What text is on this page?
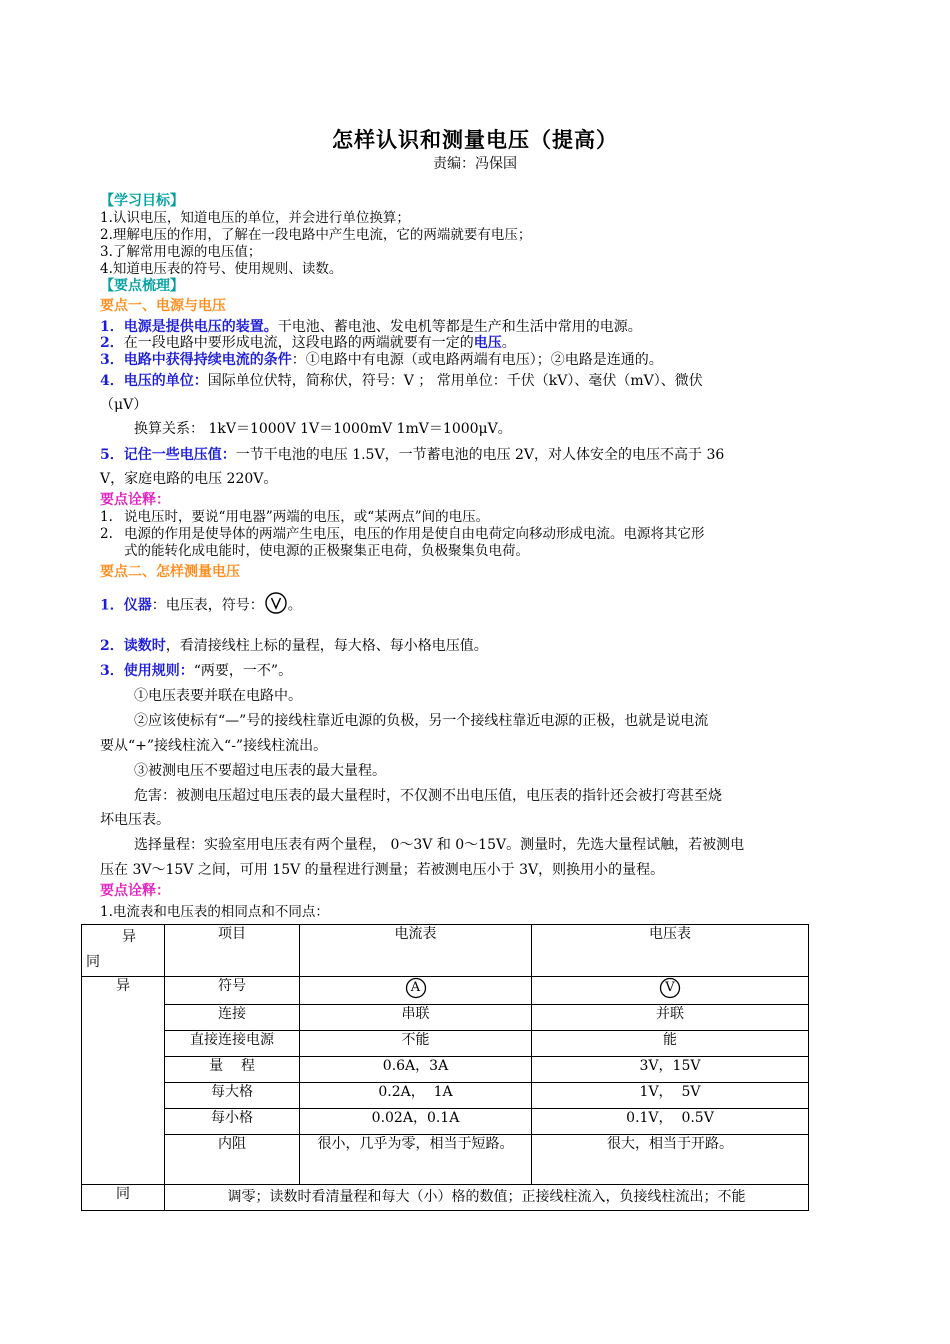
怎样认识和测量电压（提高）
责编：冯保国
【学习目标】
1.认识电压，知道电压的单位，并会进行单位换算；
2.理解电压的作用，了解在一段电路中产生电流，它的两端就要有电压；
3.了解常用电源的电压值；
4.知道电压表的符号、使用规则、读数。
【要点梳理】
要点一、电源与电压
1．电源是提供电压的装置。干电池、蓄电池、发电机等都是生产和生活中常用的电源。
2．在一段电路中要形成电流，这段电路的两端就要有一定的电压。
3．电路中获得持续电流的条件：①电路中有电源（或电路两端有电压）；②电路是连通的。
4．电压的单位：国际单位伏特，简称伏，符号：V ； 常用单位：千伏（kV）、毫伏（mV）、微伏
（μV）
换算关系： 1kV＝1000V 1V＝1000mV 1mV＝1000μV。
5．记住一些电压值：一节干电池的电压 1.5V，一节蓄电池的电压 2V，对人体安全的电压不高于 36
V，家庭电路的电压 220V。
要点诠释：
1. 说电压时，要说“用电器”两端的电压，或“某两点”间的电压。
2. 电源的作用是使导体的两端产生电压，电压的作用是使自由电荷定向移动形成电流。电源将其它形
式的能转化成电能时，使电源的正极聚集正电荷，负极聚集负电荷。
要点二、怎样测量电压
1．仪器：电压表，符号： 。
2．读数时，看清接线柱上标的量程，每大格、每小格电压值。
3．使用规则：“两要，一不”。
①电压表要并联在电路中。
②应该使标有“—”号的接线柱靠近电源的负极，另一个接线柱靠近电源的正极，也就是说电流
要从“+”接线柱流入“-”接线柱流出。
③被测电压不要超过电压表的最大量程。
危害：被测电压超过电压表的最大量程时，不仅测不出电压值，电压表的指针还会被打弯甚至烧
坏电压表。
选择量程：实验室用电压表有两个量程， 0～3V 和 0～15V。测量时，先选大量程试触，若被测电
压在 3V～15V 之间，可用 15V 的量程进行测量；若被测电压小于 3V，则换用小的量程。
要点诠释：
1.电流表和电压表的相同点和不同点：
异
同	项目	电流表	电压表
异	符号	A	V

	连接	串联	并联
	直接连接电源	不能	能
	量    程	0.6A，3A	3V，15V
	每大格	0.2A，  1A	1V，  5V
	每小格	0.02A，0.1A	0.1V，  0.5V
	内阻	很小，几乎为零，相当于短路。	很大，相当于开路。
同	调零；读数时看清量程和每大（小）格的数值；正接线柱流入，负接线柱流出；不能		
